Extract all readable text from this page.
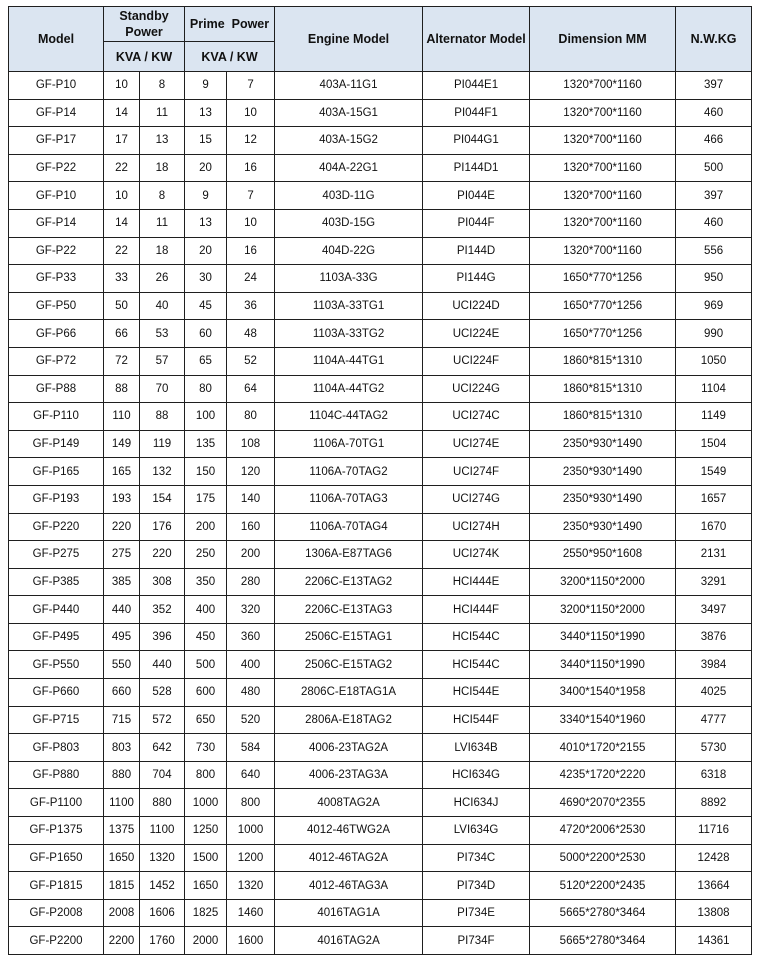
Model	Standby Power		Prime  Power		Engine Model	Alternator Model	Dimension MM	N.W.KG
	KVA / KW		KVA / KW					
GF-P10	10	8	9	7	403A-11G1	PI044E1	1320*700*1160	397
GF-P14	14	11	13	10	403A-15G1	PI044F1	1320*700*1160	460
GF-P17	17	13	15	12	403A-15G2	PI044G1	1320*700*1160	466
GF-P22	22	18	20	16	404A-22G1	PI144D1	1320*700*1160	500
GF-P10	10	8	9	7	403D-11G	PI044E	1320*700*1160	397
GF-P14	14	11	13	10	403D-15G	PI044F	1320*700*1160	460
GF-P22	22	18	20	16	404D-22G	PI144D	1320*700*1160	556
GF-P33	33	26	30	24	1103A-33G	PI144G	1650*770*1256	950
GF-P50	50	40	45	36	1103A-33TG1	UCI224D	1650*770*1256	969
GF-P66	66	53	60	48	1103A-33TG2	UCI224E	1650*770*1256	990
GF-P72	72	57	65	52	1104A-44TG1	UCI224F	1860*815*1310	1050
GF-P88	88	70	80	64	1104A-44TG2	UCI224G	1860*815*1310	1104
GF-P110	110	88	100	80	1104C-44TAG2	UCI274C	1860*815*1310	1149
GF-P149	149	119	135	108	1106A-70TG1	UCI274E	2350*930*1490	1504
GF-P165	165	132	150	120	1106A-70TAG2	UCI274F	2350*930*1490	1549
GF-P193	193	154	175	140	1106A-70TAG3	UCI274G	2350*930*1490	1657
GF-P220	220	176	200	160	1106A-70TAG4	UCI274H	2350*930*1490	1670
GF-P275	275	220	250	200	1306A-E87TAG6	UCI274K	2550*950*1608	2131
GF-P385	385	308	350	280	2206C-E13TAG2	HCI444E	3200*1150*2000	3291
GF-P440	440	352	400	320	2206C-E13TAG3	HCI444F	3200*1150*2000	3497
GF-P495	495	396	450	360	2506C-E15TAG1	HCI544C	3440*1150*1990	3876
GF-P550	550	440	500	400	2506C-E15TAG2	HCI544C	3440*1150*1990	3984
GF-P660	660	528	600	480	2806C-E18TAG1A	HCI544E	3400*1540*1958	4025
GF-P715	715	572	650	520	2806A-E18TAG2	HCI544F	3340*1540*1960	4777
GF-P803	803	642	730	584	4006-23TAG2A	LVI634B	4010*1720*2155	5730
GF-P880	880	704	800	640	4006-23TAG3A	HCI634G	4235*1720*2220	6318
GF-P1100	1100	880	1000	800	4008TAG2A	HCI634J	4690*2070*2355	8892
GF-P1375	1375	1100	1250	1000	4012-46TWG2A	LVI634G	4720*2006*2530	11716
GF-P1650	1650	1320	1500	1200	4012-46TAG2A	PI734C	5000*2200*2530	12428
GF-P1815	1815	1452	1650	1320	4012-46TAG3A	PI734D	5120*2200*2435	13664
GF-P2008	2008	1606	1825	1460	4016TAG1A	PI734E	5665*2780*3464	13808
GF-P2200	2200	1760	2000	1600	4016TAG2A	PI734F	5665*2780*3464	14361
